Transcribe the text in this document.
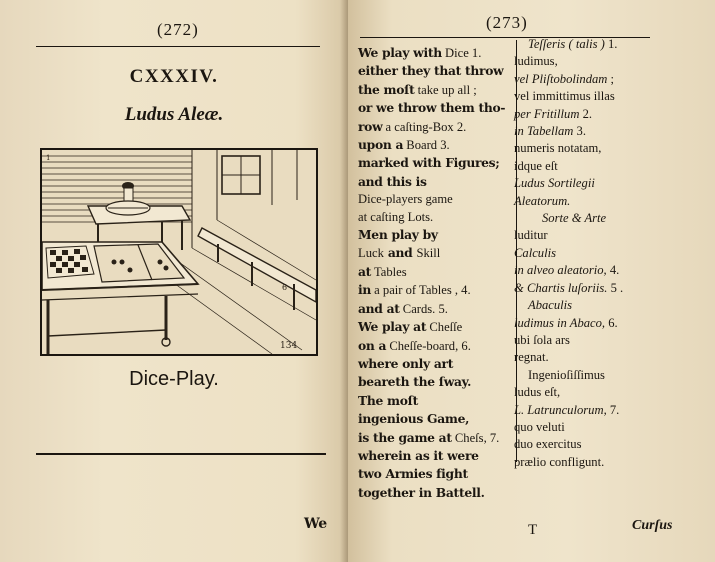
(272)
CXXXIV.
Ludus Aleæ.
6
1
134
Dice-Play.
We
(273)
We play with Dice 1.
either they that throw
the moſt take up all ;
or we throw them tho-
row a caſting-Box 2.
upon a Board 3.
marked with Figures;
and this is
Dice-players game
at caſting Lots.
Men play by
Luck and Skill
at Tables
in a pair of Tables , 4.
and at Cards. 5.
We play at Cheſſe
on a Cheſſe-board, 6.
where only art
beareth the ſway.
The moſt
ingenious Game,
is the game at Cheſs, 7.
wherein as it were
two Armies fight
together in Battell.
Teſſeris ( talis ) 1.
ludimus,
vel Pliſtobolindam ;
vel immittimus illas
per Fritillum 2.
in Tabellam 3.
numeris notatam,
idque eſt
Ludus Sortilegii
Aleatorum.
Sorte & Arte
luditur
Calculis
in alveo aleatorio, 4.
& Chartis luſoriis. 5 .
Abaculis
ludimus in Abaco, 6.
ubi ſola ars
regnat.
Ingenioſiſſimus
ludus eſt,
L. Latrunculorum, 7.
quo veluti
duo exercitus
prælio confligunt.
T	Curſus
